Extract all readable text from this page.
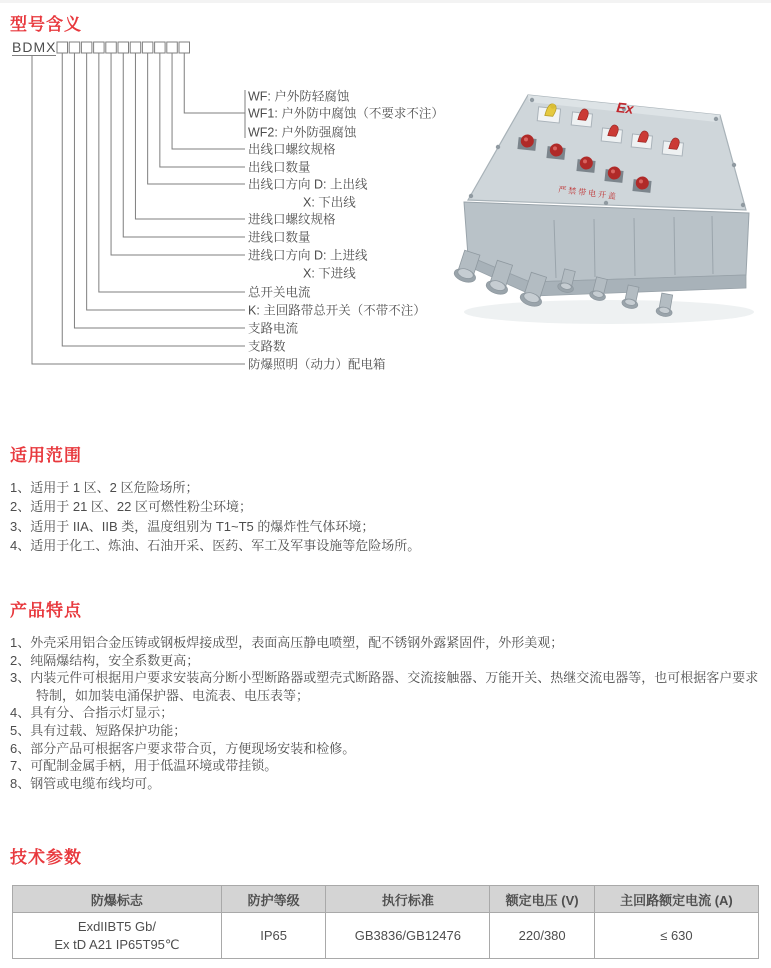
型号含义
BDMX
WF: 户外防轻腐蚀
WF1: 户外防中腐蚀（不要求不注）
WF2: 户外防强腐蚀
出线口螺纹规格
出线口数量
出线口方向 D: 上出线
X: 下出线
进线口螺纹规格
进线口数量
进线口方向 D: 上进线
X: 下进线
总开关电流
K: 主回路带总开关（不带不注）
支路电流
支路数
防爆照明（动力）配电箱
Ex
严禁带电开盖
适用范围
1、适用于 1 区、2 区危险场所；
2、适用于 21 区、22 区可燃性粉尘环境；
3、适用于 IIA、IIB 类，温度组别为 T1~T5 的爆炸性气体环境；
4、适用于化工、炼油、石油开采、医药、军工及军事设施等危险场所。
产品特点
1、外壳采用铝合金压铸或钢板焊接成型，表面高压静电喷塑，配不锈钢外露紧固件，外形美观；
2、纯隔爆结构，安全系数更高；
3、内装元件可根据用户要求安装高分断小型断路器或塑壳式断路器、交流接触器、万能开关、热继交流电器等，也可根据客户要求特制，如加装电涌保护器、电流表、电压表等；
4、具有分、合指示灯显示；
5、具有过载、短路保护功能；
6、部分产品可根据客户要求带合页，方便现场安装和检修。
7、可配制金属手柄，用于低温环境或带挂锁。
8、钢管或电缆布线均可。
技术参数
防爆标志	防护等级	执行标准	额定电压 (V)	主回路额定电流 (A)

ExdIIBT5 Gb/
Ex tD A21 IP65T95℃	IP65	GB3836/GB12476	220/380	≤ 630
